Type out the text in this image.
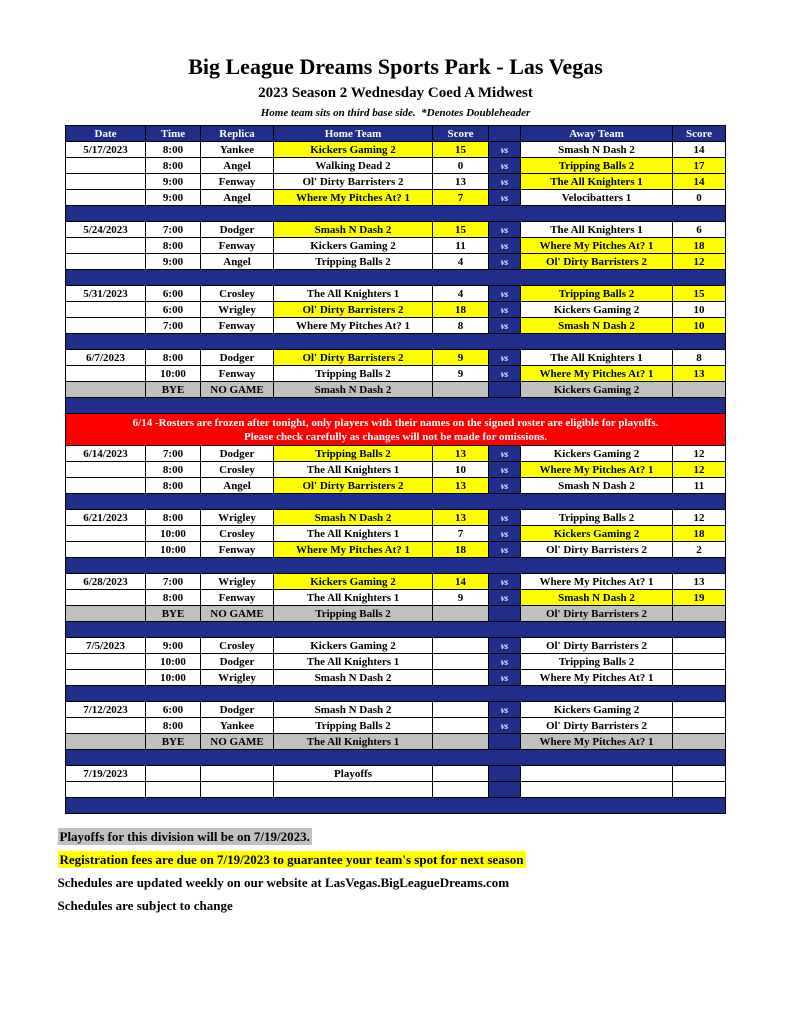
Big League Dreams Sports Park - Las Vegas
2023 Season 2 Wednesday Coed A Midwest
Home team sits on third base side.  *Denotes Doubleheader
Date	Time	Replica	Home Team	Score		Away Team	Score
5/17/2023	8:00	Yankee	Kickers Gaming 2	15	vs	Smash N Dash 2	14
	8:00	Angel	Walking Dead 2	0	vs	Tripping Balls 2	17
	9:00	Fenway	Ol' Dirty Barristers 2	13	vs	The All Knighters 1	14
	9:00	Angel	Where My Pitches At? 1	7	vs	Velocibatters 1	0

5/24/2023	7:00	Dodger	Smash N Dash 2	15	vs	The All Knighters 1	6
	8:00	Fenway	Kickers Gaming 2	11	vs	Where My Pitches At? 1	18
	9:00	Angel	Tripping Balls 2	4	vs	Ol' Dirty Barristers 2	12

5/31/2023	6:00	Crosley	The All Knighters 1	4	vs	Tripping Balls 2	15
	6:00	Wrigley	Ol' Dirty Barristers 2	18	vs	Kickers Gaming 2	10
	7:00	Fenway	Where My Pitches At? 1	8	vs	Smash N Dash 2	10

6/7/2023	8:00	Dodger	Ol' Dirty Barristers 2	9	vs	The All Knighters 1	8
	10:00	Fenway	Tripping Balls 2	9	vs	Where My Pitches At? 1	13
	BYE	NO GAME	Smash N Dash 2			Kickers Gaming 2	

6/14 -Rosters are frozen after tonight, only players with their names on the signed roster are eligible for playoffs.
Please check carefully as changes will not be made for omissions.							

6/14/2023	7:00	Dodger	Tripping Balls 2	13	vs	Kickers Gaming 2	12
	8:00	Crosley	The All Knighters 1	10	vs	Where My Pitches At? 1	12
	8:00	Angel	Ol' Dirty Barristers 2	13	vs	Smash N Dash 2	11

6/21/2023	8:00	Wrigley	Smash N Dash 2	13	vs	Tripping Balls 2	12
	10:00	Crosley	The All Knighters 1	7	vs	Kickers Gaming 2	18
	10:00	Fenway	Where My Pitches At? 1	18	vs	Ol' Dirty Barristers 2	2

6/28/2023	7:00	Wrigley	Kickers Gaming 2	14	vs	Where My Pitches At? 1	13
	8:00	Fenway	The All Knighters 1	9	vs	Smash N Dash 2	19
	BYE	NO GAME	Tripping Balls 2			Ol' Dirty Barristers 2	

7/5/2023	9:00	Crosley	Kickers Gaming 2		vs	Ol' Dirty Barristers 2	
	10:00	Dodger	The All Knighters 1		vs	Tripping Balls 2	
	10:00	Wrigley	Smash N Dash 2		vs	Where My Pitches At? 1	

7/12/2023	6:00	Dodger	Smash N Dash 2		vs	Kickers Gaming 2	
	8:00	Yankee	Tripping Balls 2		vs	Ol' Dirty Barristers 2	
	BYE	NO GAME	The All Knighters 1			Where My Pitches At? 1	

7/19/2023			Playoffs				

Playoffs for this division will be on 7/19/2023.
Registration fees are due on 7/19/2023 to guarantee your team's spot for next season
Schedules are updated weekly on our website at LasVegas.BigLeagueDreams.com
Schedules are subject to change
